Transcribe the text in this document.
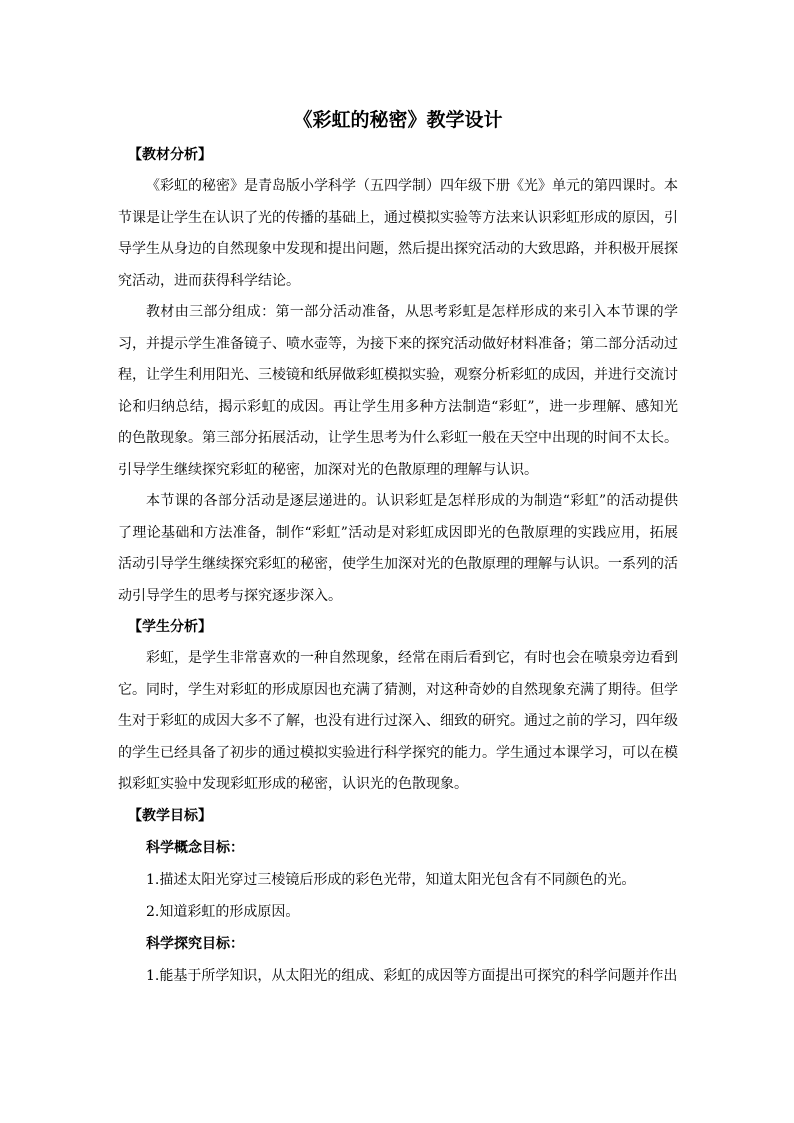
《彩虹的秘密》教学设计

【教材分析】

《彩虹的秘密》是青岛版小学科学（五四学制）四年级下册《光》单元的第四课时。本节课是让学生在认识了光的传播的基础上，通过模拟实验等方法来认识彩虹形成的原因，引导学生从身边的自然现象中发现和提出问题，然后提出探究活动的大致思路，并积极开展探究活动，进而获得科学结论。

教材由三部分组成：第一部分活动准备，从思考彩虹是怎样形成的来引入本节课的学习，并提示学生准备镜子、喷水壶等，为接下来的探究活动做好材料准备；第二部分活动过程，让学生利用阳光、三棱镜和纸屏做彩虹模拟实验，观察分析彩虹的成因，并进行交流讨论和归纳总结，揭示彩虹的成因。再让学生用多种方法制造“彩虹”，进一步理解、感知光的色散现象。第三部分拓展活动，让学生思考为什么彩虹一般在天空中出现的时间不太长。引导学生继续探究彩虹的秘密，加深对光的色散原理的理解与认识。

本节课的各部分活动是逐层递进的。认识彩虹是怎样形成的为制造“彩虹”的活动提供了理论基础和方法准备，制作“彩虹”活动是对彩虹成因即光的色散原理的实践应用，拓展活动引导学生继续探究彩虹的秘密，使学生加深对光的色散原理的理解与认识。一系列的活动引导学生的思考与探究逐步深入。

【学生分析】

彩虹，是学生非常喜欢的一种自然现象，经常在雨后看到它，有时也会在喷泉旁边看到它。同时，学生对彩虹的形成原因也充满了猜测，对这种奇妙的自然现象充满了期待。但学生对于彩虹的成因大多不了解，也没有进行过深入、细致的研究。通过之前的学习，四年级的学生已经具备了初步的通过模拟实验进行科学探究的能力。学生通过本课学习，可以在模拟彩虹实验中发现彩虹形成的秘密，认识光的色散现象。

【教学目标】

科学概念目标：

1.描述太阳光穿过三棱镜后形成的彩色光带，知道太阳光包含有不同颜色的光。

2.知道彩虹的形成原因。

科学探究目标：

1.能基于所学知识，从太阳光的组成、彩虹的成因等方面提出可探究的科学问题并作出
